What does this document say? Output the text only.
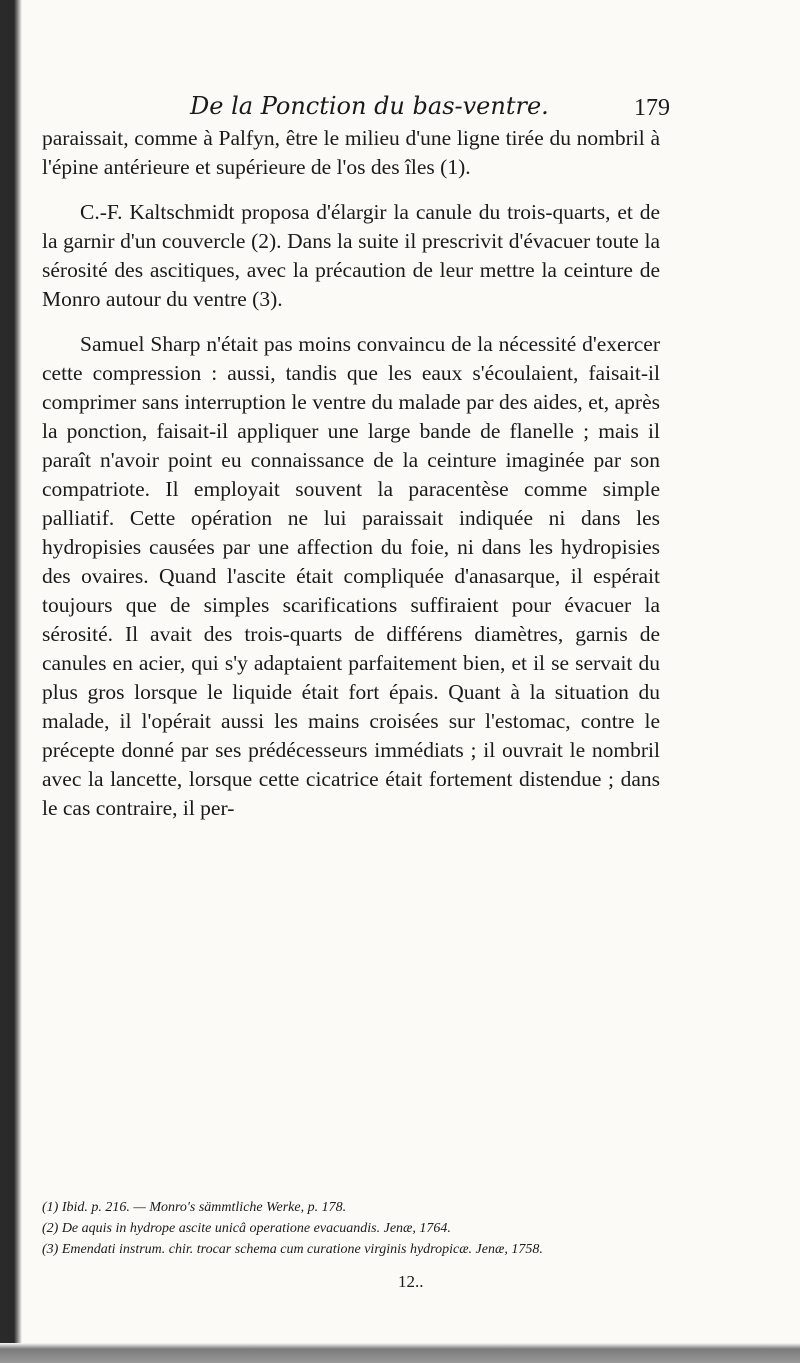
De la Ponction du bas-ventre.	179

paraissait, comme à Palfyn, être le milieu d'une ligne tirée du nombril à l'épine antérieure et supérieure de l'os des îles (1).

C.-F. Kaltschmidt proposa d'élargir la canule du trois-quarts, et de la garnir d'un couvercle (2). Dans la suite il prescrivit d'évacuer toute la sérosité des ascitiques, avec la précaution de leur mettre la ceinture de Monro autour du ventre (3).

Samuel Sharp n'était pas moins convaincu de la nécessité d'exercer cette compression : aussi, tandis que les eaux s'écoulaient, faisait-il comprimer sans interruption le ventre du malade par des aides, et, après la ponction, faisait-il appliquer une large bande de flanelle ; mais il paraît n'avoir point eu connaissance de la ceinture imaginée par son compatriote. Il employait souvent la paracentèse comme simple palliatif. Cette opération ne lui paraissait indiquée ni dans les hydropisies causées par une affection du foie, ni dans les hydropisies des ovaires. Quand l'ascite était compliquée d'anasarque, il espérait toujours que de simples scarifications suffiraient pour évacuer la sérosité. Il avait des trois-quarts de différens diamètres, garnis de canules en acier, qui s'y adaptaient parfaitement bien, et il se servait du plus gros lorsque le liquide était fort épais. Quant à la situation du malade, il l'opérait aussi les mains croisées sur l'estomac, contre le précepte donné par ses prédécesseurs immédiats ; il ouvrait le nombril avec la lancette, lorsque cette cicatrice était fortement distendue ; dans le cas contraire, il per-

(1) Ibid. p. 216. — Monro's sämmtliche Werke, p. 178.

(2) De aquis in hydrope ascite unicâ operatione evacuandis. Jenæ, 1764.

(3) Emendati instrum. chir. trocar schema cum curatione virginis hydropicæ. Jenæ, 1758.

12..
